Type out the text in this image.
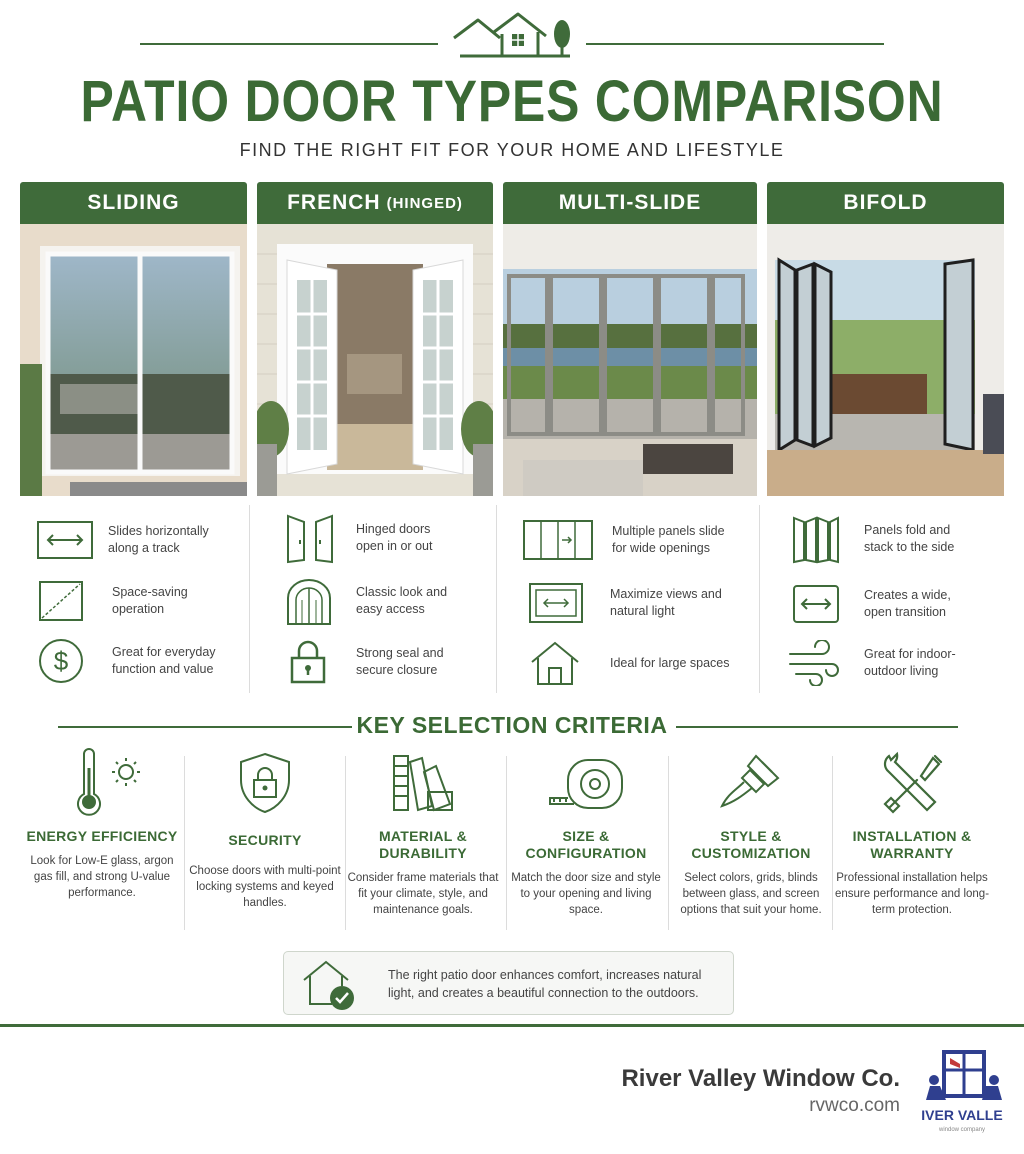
PATIO DOOR TYPES COMPARISON
FIND THE RIGHT FIT FOR YOUR HOME AND LIFESTYLE
SLIDING	FRENCH (HINGED)	MULTI-SLIDE	BIFOLD
Slides horizontally along a track
Space-saving operation
$	Great for everyday function and value
Hinged doors open in or out
Classic look and easy access
Strong seal and secure closure
Multiple panels slide for wide openings
Maximize views and natural light
Ideal for large spaces
Panels fold and stack to the side
Creates a wide, open transition
Great for indoor-outdoor living
KEY SELECTION CRITERIA
ENERGY EFFICIENCY
Look for Low-E glass, argon gas fill, and strong U-value performance.
SECURITY
Choose doors with multi-point locking systems and keyed handles.
MATERIAL & DURABILITY
Consider frame materials that fit your climate, style, and maintenance goals.
SIZE & CONFIGURATION
Match the door size and style to your opening and living space.
STYLE & CUSTOMIZATION
Select colors, grids, blinds between glass, and screen options that suit your home.
INSTALLATION & WARRANTY
Professional installation helps ensure performance and long-term protection.
The right patio door enhances comfort, increases natural light, and creates a beautiful connection to the outdoors.
River Valley Window Co.
rvwco.com IVER VALLE
window company
